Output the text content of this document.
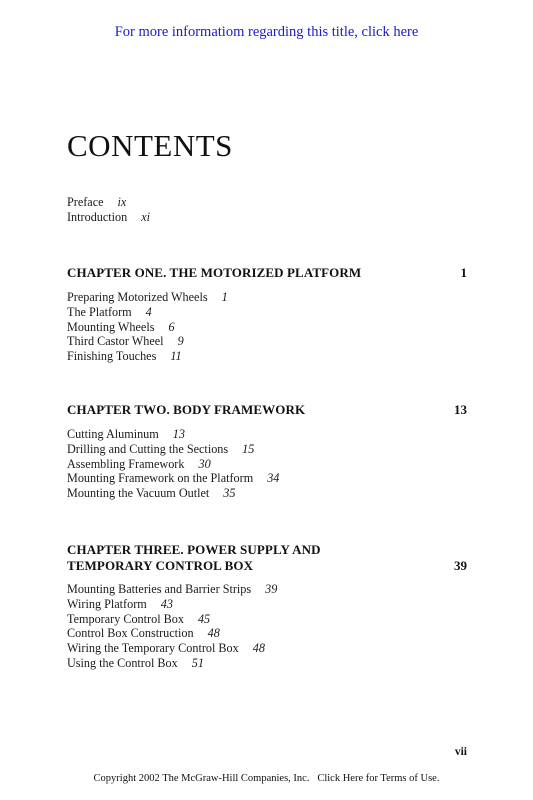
For more informatiom regarding this title, click here
CONTENTS
Preface ix
Introduction xi
CHAPTER ONE. THE MOTORIZED PLATFORM	1
Preparing Motorized Wheels 1
The Platform 4
Mounting Wheels 6
Third Castor Wheel 9
Finishing Touches 11
CHAPTER TWO. BODY FRAMEWORK	13
Cutting Aluminum 13
Drilling and Cutting the Sections 15
Assembling Framework 30
Mounting Framework on the Platform 34
Mounting the Vacuum Outlet 35
CHAPTER THREE. POWER SUPPLY AND
TEMPORARY CONTROL BOX	39
Mounting Batteries and Barrier Strips 39
Wiring Platform 43
Temporary Control Box 45
Control Box Construction 48
Wiring the Temporary Control Box 48
Using the Control Box 51
vii
Copyright 2002 The McGraw-Hill Companies, Inc. Click Here for Terms of Use.
